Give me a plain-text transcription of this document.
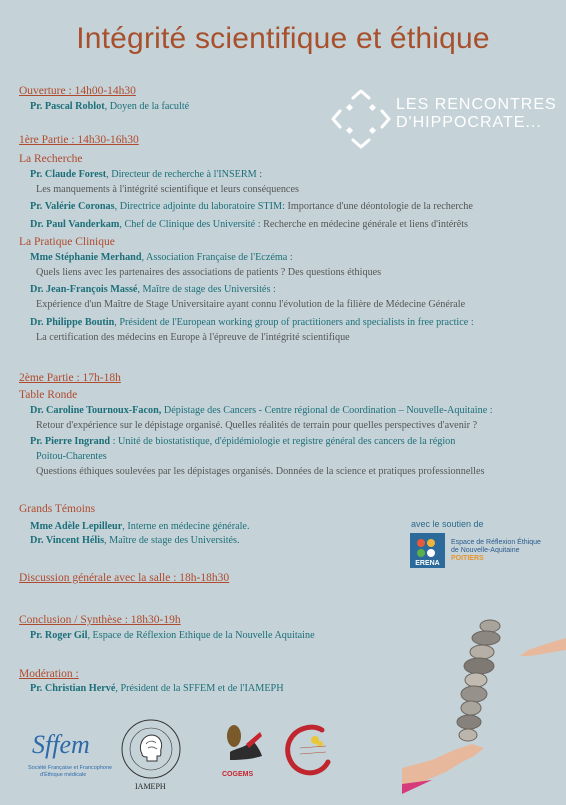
Intégrité scientifique et éthique
LES RENCONTRES
D'HIPPOCRATE...
Ouverture : 14h00-14h30
Pr. Pascal Roblot, Doyen de la faculté
1ère Partie : 14h30-16h30
La Recherche
Pr. Claude Forest, Directeur de recherche à l'INSERM :
Les manquements à l'intégrité scientifique et leurs conséquences
Pr. Valérie Coronas, Directrice adjointe du laboratoire STIM: Importance d'une déontologie de la recherche
Dr. Paul Vanderkam, Chef de Clinique des Université : Recherche en médecine générale et liens d'intérêts
La Pratique Clinique
Mme Stéphanie Merhand, Association Française de l'Eczéma :
Quels liens avec les partenaires des associations de patients ? Des questions éthiques
Dr. Jean-François Massé, Maître de stage des Universités :
Expérience d'un Maître de Stage Universitaire ayant connu l'évolution de la filière de Médecine Générale
Dr. Philippe Boutin, Président de l'European working group of practitioners and specialists in free practice :
La certification des médecins en Europe à l'épreuve de l'intégrité scientifique
2ème Partie : 17h-18h
Table Ronde
Dr. Caroline Tournoux-Facon, Dépistage des Cancers - Centre régional de Coordination – Nouvelle-Aquitaine :
Retour d'expérience sur le dépistage organisé. Quelles réalités de terrain pour quelles perspectives d'avenir ?
Pr. Pierre Ingrand : Unité de biostatistique, d'épidémiologie et registre général des cancers de la région
Poitou-Charentes
Questions éthiques soulevées par les dépistages organisés. Données de la science et pratiques professionnelles
Grands Témoins
Mme Adèle Lepilleur, Interne en médecine générale.
Dr. Vincent Hélis, Maître de stage des Universités.
avec le soutien de
ERENA
Espace de Réflexion Éthique
de Nouvelle-Aquitaine
POITIERS
Discussion générale avec la salle : 18h-18h30
Conclusion / Synthèse : 18h30-19h
Pr. Roger Gil, Espace de Réflexion Ethique de la Nouvelle Aquitaine
Modération :
Pr. Christian Hervé, Président de la SFFEM et de l'IAMEPH
Sffem
Société Française et Francophone
d'Éthique médicale
IAMEPH
COGEMS
